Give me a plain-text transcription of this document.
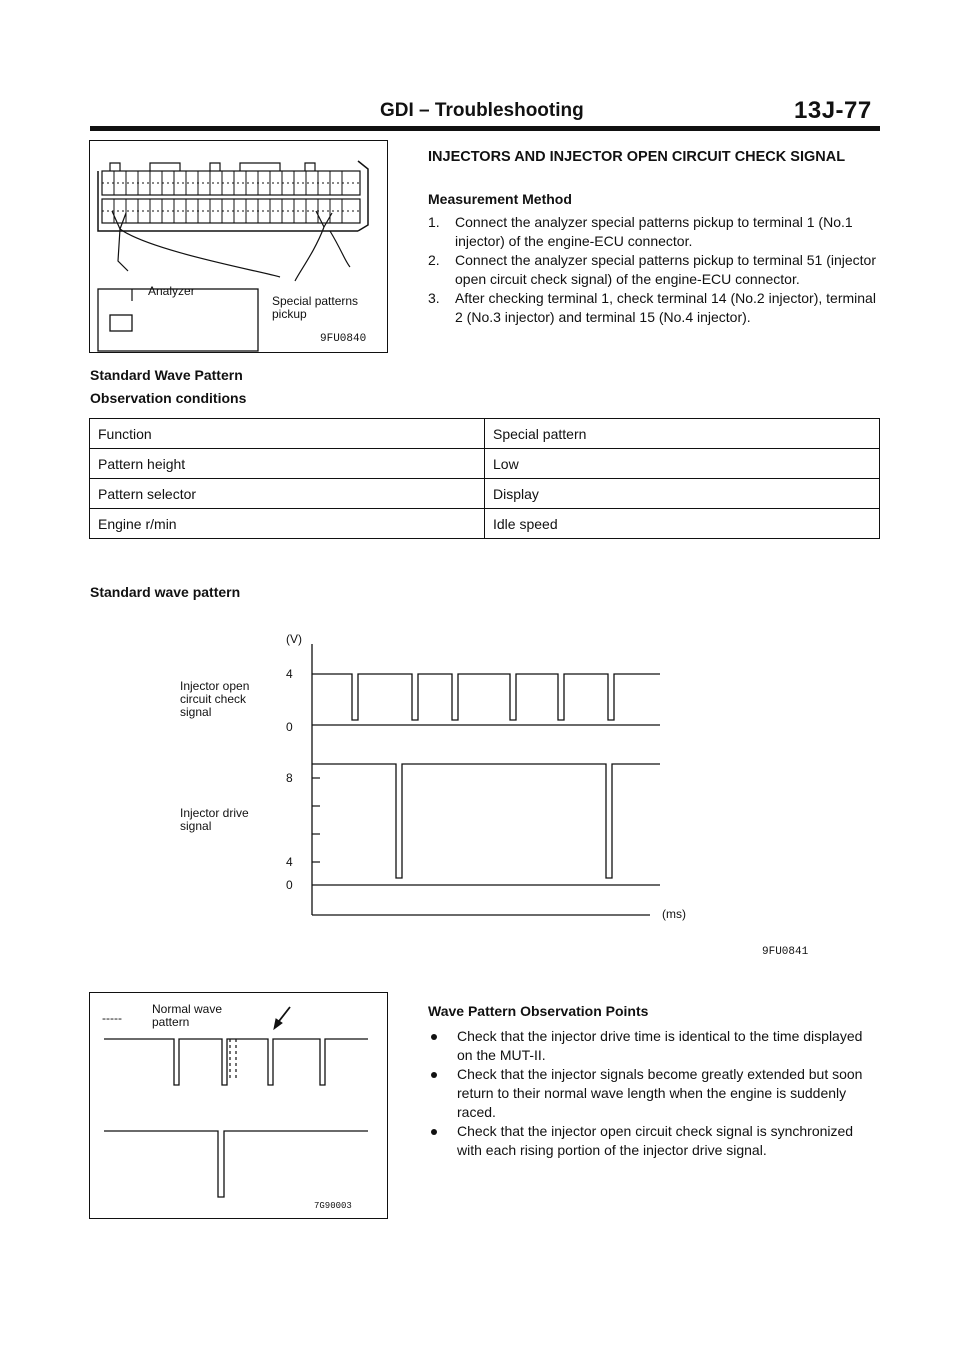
GDI – Troubleshooting	13J-77
Analyzer
Special patterns pickup
9FU0840
INJECTORS AND INJECTOR OPEN CIRCUIT CHECK SIGNAL
Measurement Method
1. Connect the analyzer special patterns pickup to terminal 1 (No.1 injector) of the engine-ECU connector.
2. Connect the analyzer special patterns pickup to terminal 51 (injector open circuit check signal) of the engine-ECU connector.
3. After checking terminal 1, check terminal 14 (No.2 injector), terminal 2 (No.3 injector) and terminal 15 (No.4 injector).
Standard Wave Pattern
Observation conditions
Function	Special pattern
Pattern height	Low
Pattern selector	Display
Engine r/min	Idle speed
Standard wave pattern
(V)
4
0
8
4
0
Injector open circuit check signal
Injector drive signal
(ms)
9FU0841
-----
Normal wave pattern
7G90003
Wave Pattern Observation Points
Check that the injector drive time is identical to the time displayed on the MUT-II.
Check that the injector signals become greatly extended but soon return to their normal wave length when the engine is suddenly raced.
Check that the injector open circuit check signal is synchronized with each rising portion of the injector drive signal.
